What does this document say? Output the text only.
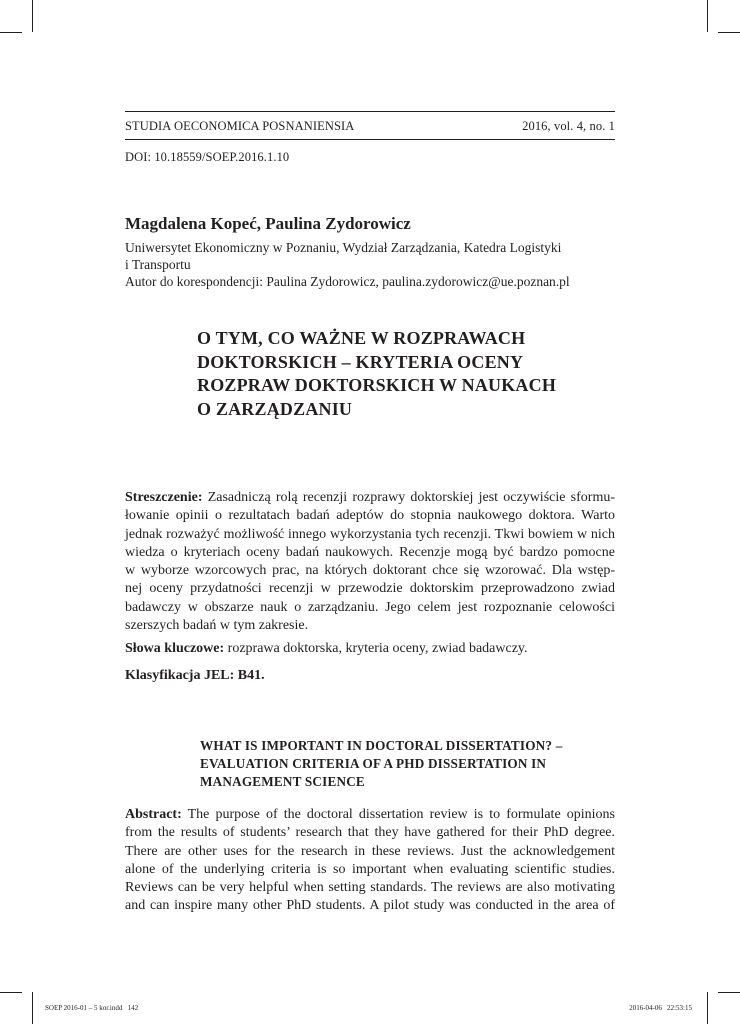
STUDIA OECONOMICA POSNANIENSIA	2016, vol. 4, no. 1
DOI: 10.18559/SOEP.2016.1.10
Magdalena Kopeć, Paulina Zydorowicz
Uniwersytet Ekonomiczny w Poznaniu, Wydział Zarządzania, Katedra Logistyki
i Transportu
Autor do korespondencji: Paulina Zydorowicz, paulina.zydorowicz@ue.poznan.pl
O TYM, CO WAŻNE W ROZPRAWACH
DOKTORSKICH – KRYTERIA OCENY
ROZPRAW DOKTORSKICH W NAUKACH
O ZARZĄDZANIU
Streszczenie: Zasadniczą rolą recenzji rozprawy doktorskiej jest oczywiście sformu-
łowanie opinii o rezultatach badań adeptów do stopnia naukowego doktora. Warto
jednak rozważyć możliwość innego wykorzystania tych recenzji. Tkwi bowiem w nich
wiedza o kryteriach oceny badań naukowych. Recenzje mogą być bardzo pomocne
w wyborze wzorcowych prac, na których doktorant chce się wzorować. Dla wstęp-
nej oceny przydatności recenzji w przewodzie doktorskim przeprowadzono zwiad
badawczy w obszarze nauk o zarządzaniu. Jego celem jest rozpoznanie celowości
szerszych badań w tym zakresie.
Słowa kluczowe: rozprawa doktorska, kryteria oceny, zwiad badawczy.
Klasyfikacja JEL: B41.
WHAT IS IMPORTANT IN DOCTORAL DISSERTATION? –
EVALUATION CRITERIA OF A PHD DISSERTATION IN
MANAGEMENT SCIENCE
Abstract: The purpose of the doctoral dissertation review is to formulate opinions
from the results of students’ research that they have gathered for their PhD degree.
There are other uses for the research in these reviews. Just the acknowledgement
alone of the underlying criteria is so important when evaluating scientific studies.
Reviews can be very helpful when setting standards. The reviews are also motivating
and can inspire many other PhD students. A pilot study was conducted in the area of
SOEP 2016-01 – 5 kor.indd   142	2016-04-06   22:53:15
